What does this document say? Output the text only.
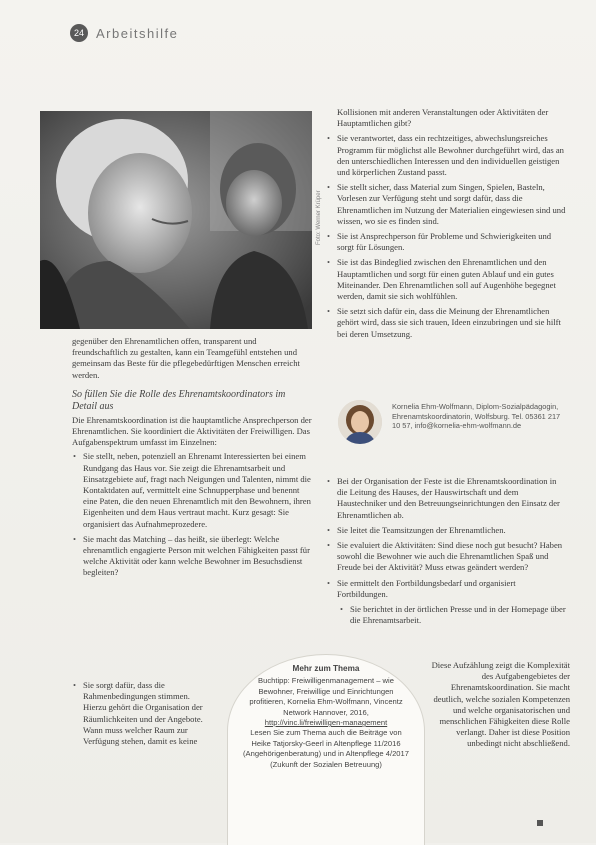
24 Arbeitshilfe
Foto: Werner Krüper

gegenüber den Ehrenamtlichen offen, transparent und freundschaftlich zu gestalten, kann ein Teamgefühl entstehen und gemeinsam das Beste für die pflegebedürftigen Menschen erreicht werden.

So füllen Sie die Rolle des Ehrenamtskoordinators im Detail aus

Die Ehrenamtskoordination ist die hauptamtliche Ansprechperson der Ehrenamtlichen. Sie koordiniert die Aktivitäten der Freiwilligen. Das Aufgabenspektrum umfasst im Einzelnen:

• Sie stellt, neben, potenziell an Ehrenamt Interessierten bei einem Rundgang das Haus vor. Sie zeigt die Ehrenamtsarbeit und Einsatzgebiete auf, fragt nach Neigungen und Talenten, nimmt die Kontaktdaten auf, vermittelt eine Schnupperphase und benennt eine Paten, die den neuen Ehrenamtlich mit den Bewohnern, ihren Eigenheiten und dem Haus vertraut macht. Kurz gesagt: Sie organisiert das Aufnahmeprozedere.
• Sie macht das Matching – das heißt, sie überlegt: Welche ehrenamtlich engagierte Person mit welchen Fähigkeiten passt für welche Aktivität oder kann welche Bewohner im Besuchsdienst begleiten?
• Sie sorgt dafür, dass die Rahmenbedingungen stimmen. Hierzu gehört die Organisation der Räumlichkeiten und der Angebote. Wann muss welcher Raum zur Verfügung stehen, damit es keine

Kollisionen mit anderen Veranstaltungen oder Aktivitäten der Hauptamtlichen gibt?

• Sie verantwortet, dass ein rechtzeitiges, abwechslungsreiches Programm für möglichst alle Bewohner durchgeführt wird, das an den unterschiedlichen Interessen und den individuellen geistigen und körperlichen Zustand passt.
• Sie stellt sicher, dass Material zum Singen, Spielen, Basteln, Vorlesen zur Verfügung steht und sorgt dafür, dass die Ehrenamtlichen im Nutzung der Materialien eingewiesen sind und wissen, wo sie es finden sind.
• Sie ist Ansprechperson für Probleme und Schwierigkeiten und sorgt für Lösungen.
• Sie ist das Bindeglied zwischen den Ehrenamtlichen und den Hauptamtlichen und sorgt für einen guten Ablauf und ein gutes Miteinander. Den Ehrenamtlichen soll auf Augenhöhe begegnet werden, damit sie sich wohlfühlen.
• Sie setzt sich dafür ein, dass die Meinung der Ehrenamtlichen gehört wird, dass sie sich trauen, Ideen einzubringen und sie hilft bei deren Umsetzung.
Kornelia Ehm-Wolfmann, Diplom-Sozialpädagogin, Ehrenamtskoordinatorin, Wolfsburg. Tel. 05361 217 10 57, info@kornelia-ehm-wolfmann.de
• Bei der Organisation der Feste ist die Ehrenamtskoordination in die Leitung des Hauses, der Hauswirtschaft und dem Haustechniker und den Betreuungseinrichtungen den Einsatz der Ehrenamtlichen ab.
• Sie leitet die Teamsitzungen der Ehrenamtlichen.
• Sie evaluiert die Aktivitäten: Sind diese noch gut besucht? Haben sowohl die Bewohner wie auch die Ehrenamtlichen Spaß und Freude bei der Aktivität? Muss etwas geändert werden?
• Sie ermittelt den Fortbildungsbedarf und organisiert Fortbildungen.
• Sie berichtet in der örtlichen Presse und in der Homepage über die Ehrenamtsarbeit.

Diese Aufzählung zeigt die Komplexität des Aufgabengebietes der Ehrenamtskoordination. Sie macht deutlich, welche sozialen Kompetenzen und welche organisatorischen und menschlichen Fähigkeiten diese Rolle verlangt. Daher ist diese Position unbedingt nicht abschließend.

Mehr zum Thema
Buchtipp: Freiwilligenmanagement – wie Bewohner, Freiwillige und Einrichtungen profitieren, Kornelia Ehm-Wolfmann, Vincentz Network Hannover, 2016,
http://vinc.li/freiwilligen-management
Lesen Sie zum Thema auch die Beiträge von Heike Tatjorsky-Geerl in Altenpflege 11/2016 (Angehörigenberatung) und in Altenpflege 4/2017 (Zukunft der Sozialen Betreuung)
